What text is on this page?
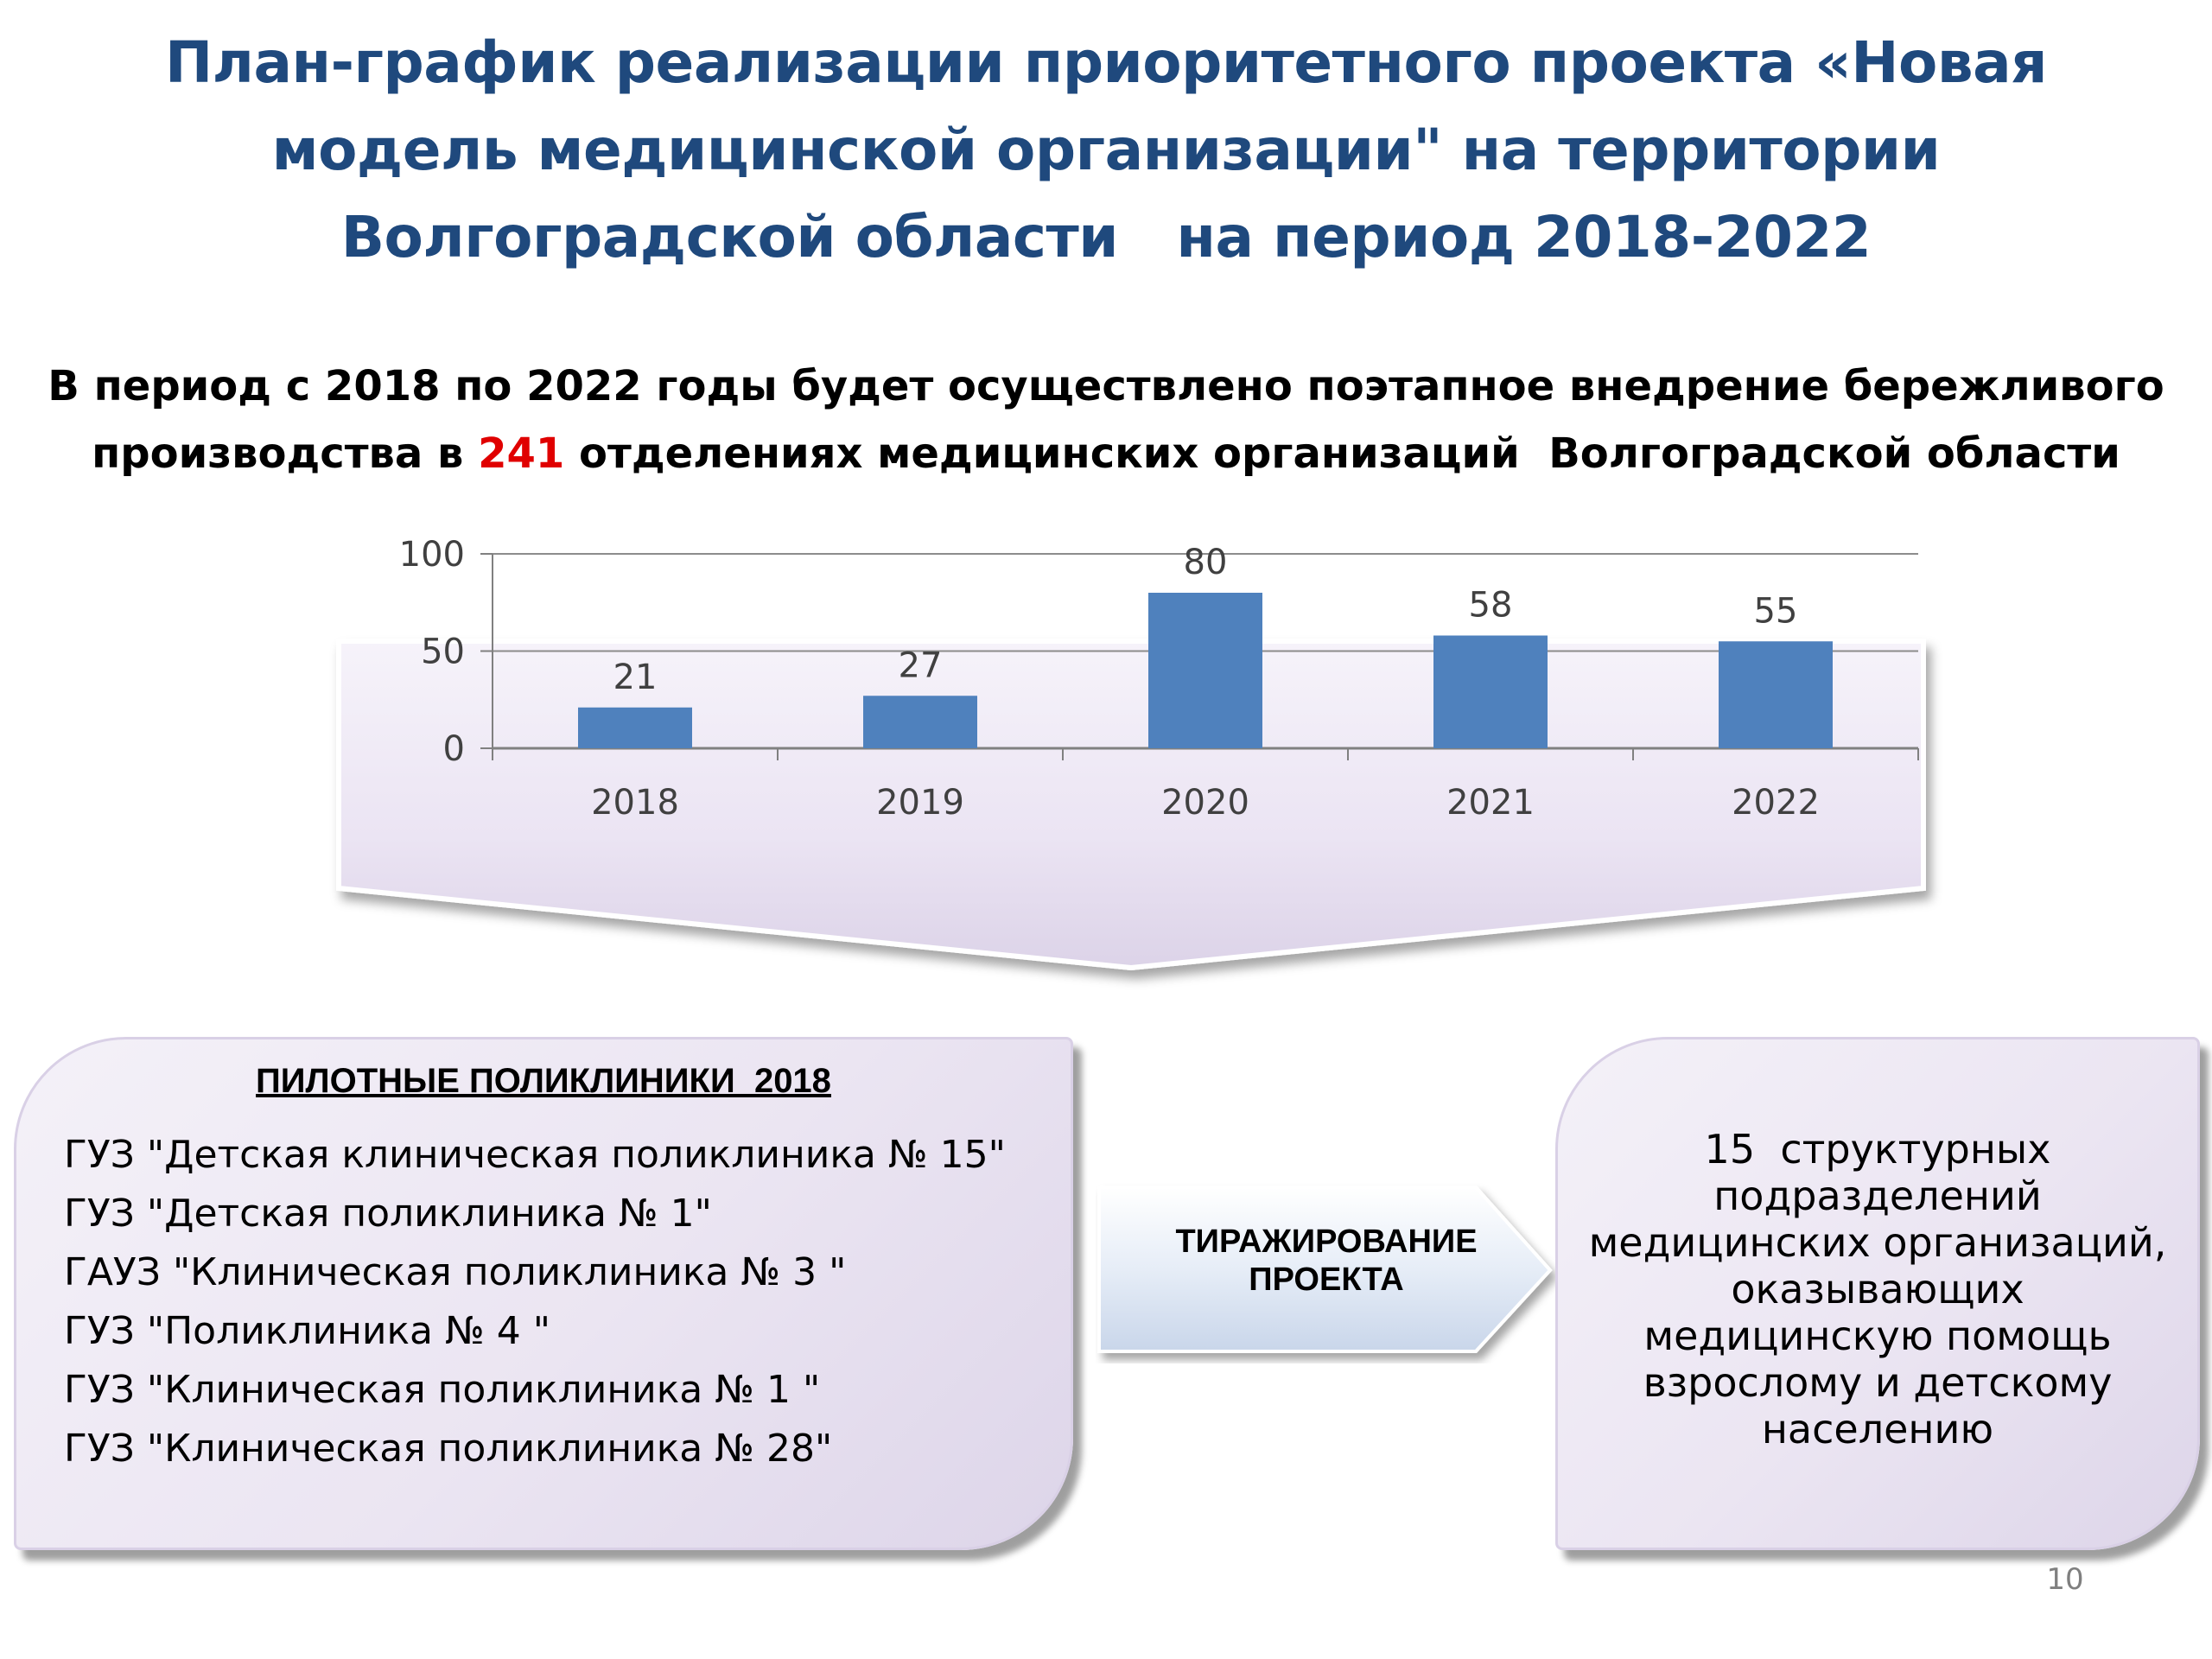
План-график реализации приоритетного проекта «Новая
модель медицинской организации" на территории
Волгоградской области   на период 2018-2022
В период с 2018 по 2022 годы будет осуществлено поэтапное внедрение бережливого
производства в 241 отделениях медицинских организаций  Волгоградской области
0
50
100
21
2018
27
2019
80
2020
58
2021
55
2022
ПИЛОТНЫЕ ПОЛИКЛИНИКИ  2018
ГУЗ "Детская клиническая поликлиника № 15"
ГУЗ "Детская поликлиника № 1"
ГАУЗ "Клиническая поликлиника № 3 "
ГУЗ "Поликлиника № 4 "
ГУЗ "Клиническая поликлиника № 1 "
ГУЗ "Клиническая поликлиника № 28"
ТИРАЖИРОВАНИЕ
ПРОЕКТА
15  структурных
подразделений
медицинских организаций,
оказывающих
медицинскую помощь
взрослому и детскому
населению
10
